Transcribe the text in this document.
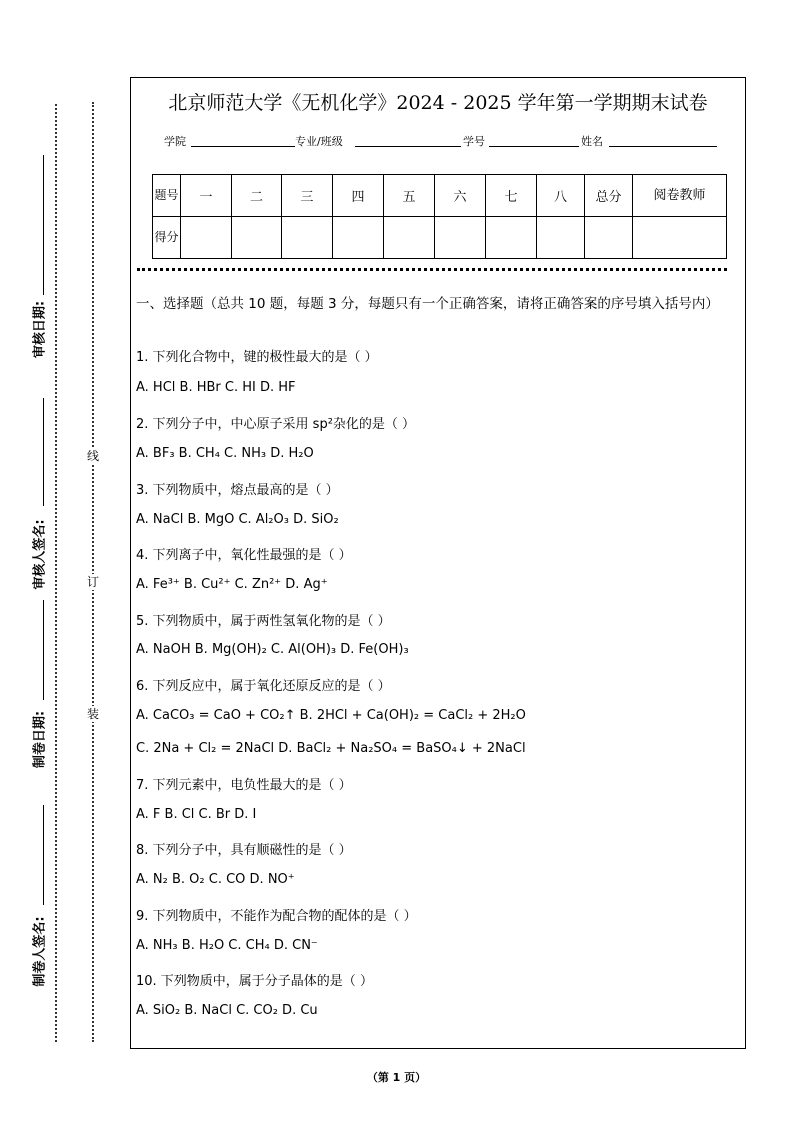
审核日期:
审核人签名:
制卷日期:
制卷人签名:
线
订
装
北京师范大学《无机化学》2024 - 2025 学年第一学期期末试卷
学院	专业/班级	学号	姓名
题号	一	二	三	四	五	六	七	八	总分	阅卷教师
得分										
一、选择题（总共 10 题，每题 3 分，每题只有一个正确答案，请将正确答案的序号填入括号内）
1. 下列化合物中，键的极性最大的是（ ）
A. HCl B. HBr C. HI D. HF
2. 下列分子中，中心原子采用 sp²杂化的是（ ）
A. BF₃ B. CH₄ C. NH₃ D. H₂O
3. 下列物质中，熔点最高的是（ ）
A. NaCl B. MgO C. Al₂O₃ D. SiO₂
4. 下列离子中，氧化性最强的是（ ）
A. Fe³⁺ B. Cu²⁺ C. Zn²⁺ D. Ag⁺
5. 下列物质中，属于两性氢氧化物的是（ ）
A. NaOH B. Mg(OH)₂ C. Al(OH)₃ D. Fe(OH)₃
6. 下列反应中，属于氧化还原反应的是（ ）
A. CaCO₃ = CaO + CO₂↑ B. 2HCl + Ca(OH)₂ = CaCl₂ + 2H₂O
C. 2Na + Cl₂ = 2NaCl D. BaCl₂ + Na₂SO₄ = BaSO₄↓ + 2NaCl
7. 下列元素中，电负性最大的是（ ）
A. F B. Cl C. Br D. I
8. 下列分子中，具有顺磁性的是（ ）
A. N₂ B. O₂ C. CO D. NO⁺
9. 下列物质中，不能作为配合物的配体的是（ ）
A. NH₃ B. H₂O C. CH₄ D. CN⁻
10. 下列物质中，属于分子晶体的是（ ）
A. SiO₂ B. NaCl C. CO₂ D. Cu
（第 1 页）
